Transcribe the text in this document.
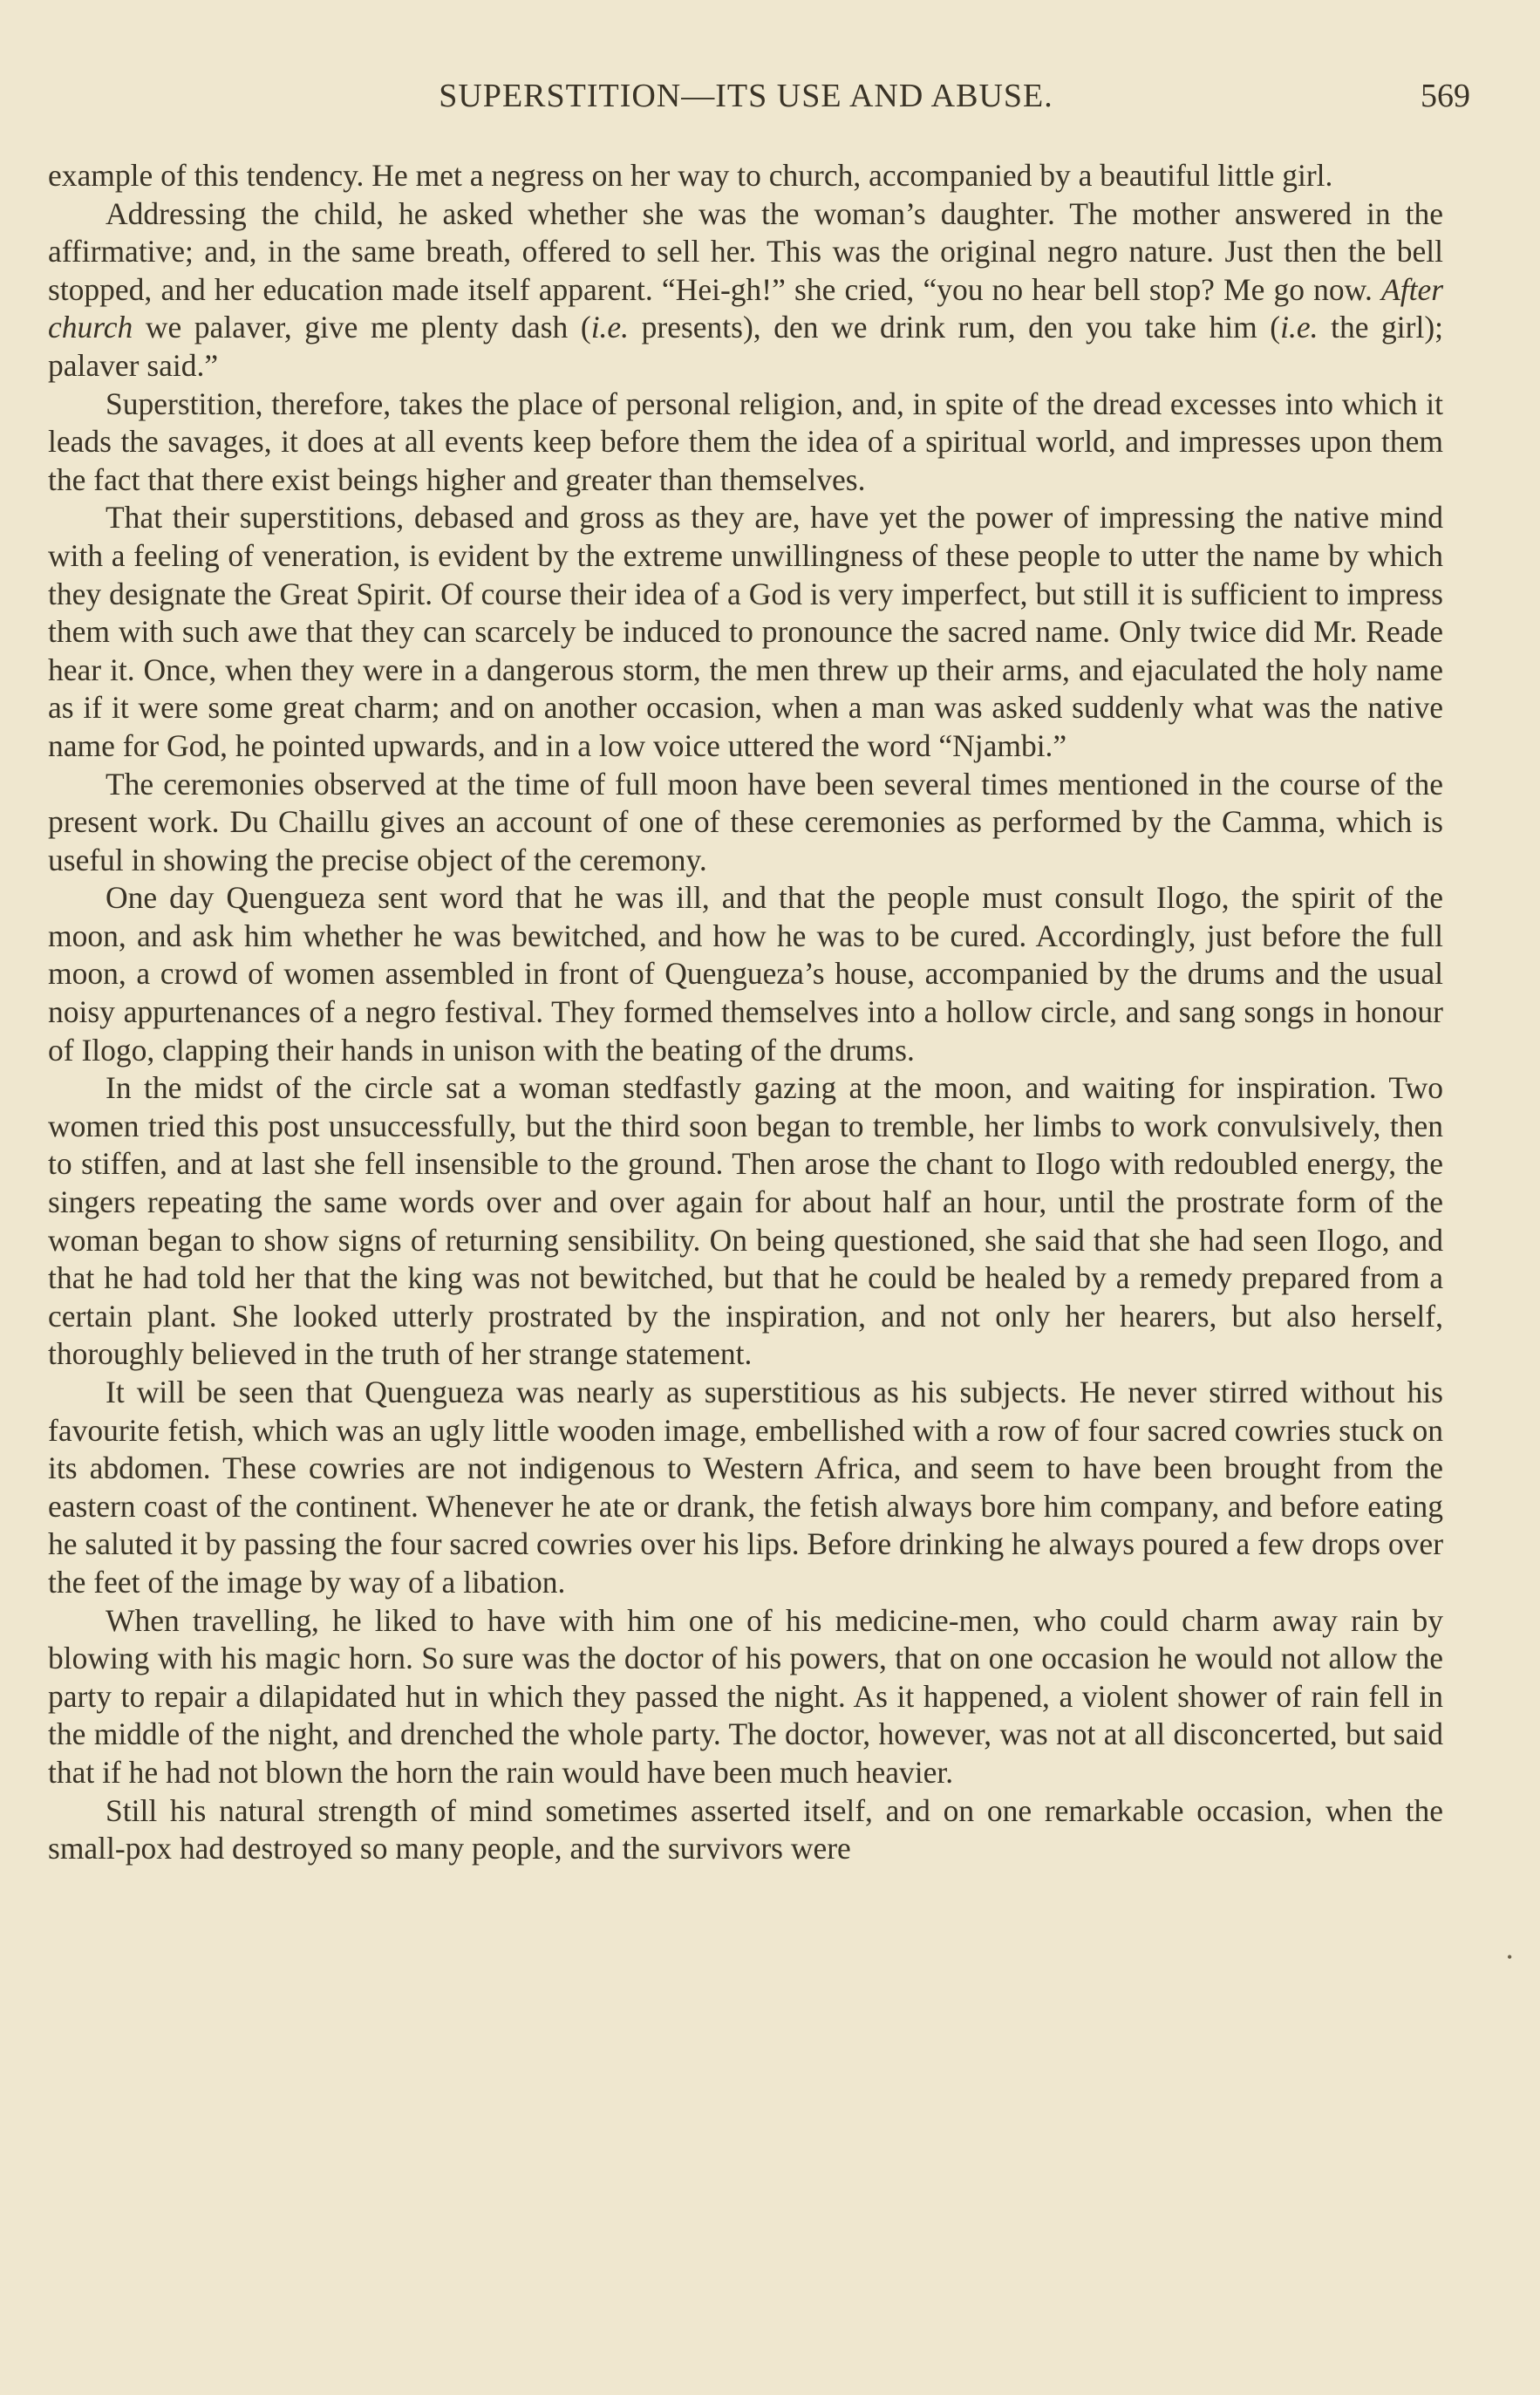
SUPERSTITION—ITS USE AND ABUSE.	569

example of this tendency. He met a negress on her way to church, accompanied by a beautiful little girl.

Addressing the child, he asked whether she was the woman’s daughter. The mother answered in the affirmative; and, in the same breath, offered to sell her. This was the original negro nature. Just then the bell stopped, and her education made itself apparent. “Hei-gh!” she cried, “you no hear bell stop? Me go now. After church we palaver, give me plenty dash (i.e. presents), den we drink rum, den you take him (i.e. the girl); palaver said.”

Superstition, therefore, takes the place of personal religion, and, in spite of the dread excesses into which it leads the savages, it does at all events keep before them the idea of a spiritual world, and impresses upon them the fact that there exist beings higher and greater than themselves.

That their superstitions, debased and gross as they are, have yet the power of impressing the native mind with a feeling of veneration, is evident by the extreme unwillingness of these people to utter the name by which they designate the Great Spirit. Of course their idea of a God is very imperfect, but still it is sufficient to impress them with such awe that they can scarcely be induced to pronounce the sacred name. Only twice did Mr. Reade hear it. Once, when they were in a dangerous storm, the men threw up their arms, and ejaculated the holy name as if it were some great charm; and on another occasion, when a man was asked suddenly what was the native name for God, he pointed upwards, and in a low voice uttered the word “Njambi.”

The ceremonies observed at the time of full moon have been several times mentioned in the course of the present work. Du Chaillu gives an account of one of these ceremonies as performed by the Camma, which is useful in showing the precise object of the ceremony.

One day Quengueza sent word that he was ill, and that the people must consult Ilogo, the spirit of the moon, and ask him whether he was bewitched, and how he was to be cured. Accordingly, just before the full moon, a crowd of women assembled in front of Quengueza’s house, accompanied by the drums and the usual noisy appurtenances of a negro festival. They formed themselves into a hollow circle, and sang songs in honour of Ilogo, clapping their hands in unison with the beating of the drums.

In the midst of the circle sat a woman stedfastly gazing at the moon, and waiting for inspiration. Two women tried this post unsuccessfully, but the third soon began to tremble, her limbs to work convulsively, then to stiffen, and at last she fell insensible to the ground. Then arose the chant to Ilogo with redoubled energy, the singers repeating the same words over and over again for about half an hour, until the prostrate form of the woman began to show signs of returning sensibility. On being questioned, she said that she had seen Ilogo, and that he had told her that the king was not bewitched, but that he could be healed by a remedy prepared from a certain plant. She looked utterly prostrated by the inspiration, and not only her hearers, but also herself, thoroughly believed in the truth of her strange statement.

It will be seen that Quengueza was nearly as superstitious as his subjects. He never stirred without his favourite fetish, which was an ugly little wooden image, embellished with a row of four sacred cowries stuck on its abdomen. These cowries are not indigenous to Western Africa, and seem to have been brought from the eastern coast of the continent. Whenever he ate or drank, the fetish always bore him company, and before eating he saluted it by passing the four sacred cowries over his lips. Before drinking he always poured a few drops over the feet of the image by way of a libation.

When travelling, he liked to have with him one of his medicine-men, who could charm away rain by blowing with his magic horn. So sure was the doctor of his powers, that on one occasion he would not allow the party to repair a dilapidated hut in which they passed the night. As it happened, a violent shower of rain fell in the middle of the night, and drenched the whole party. The doctor, however, was not at all disconcerted, but said that if he had not blown the horn the rain would have been much heavier.

Still his natural strength of mind sometimes asserted itself, and on one remarkable occasion, when the small-pox had destroyed so many people, and the survivors were

•
